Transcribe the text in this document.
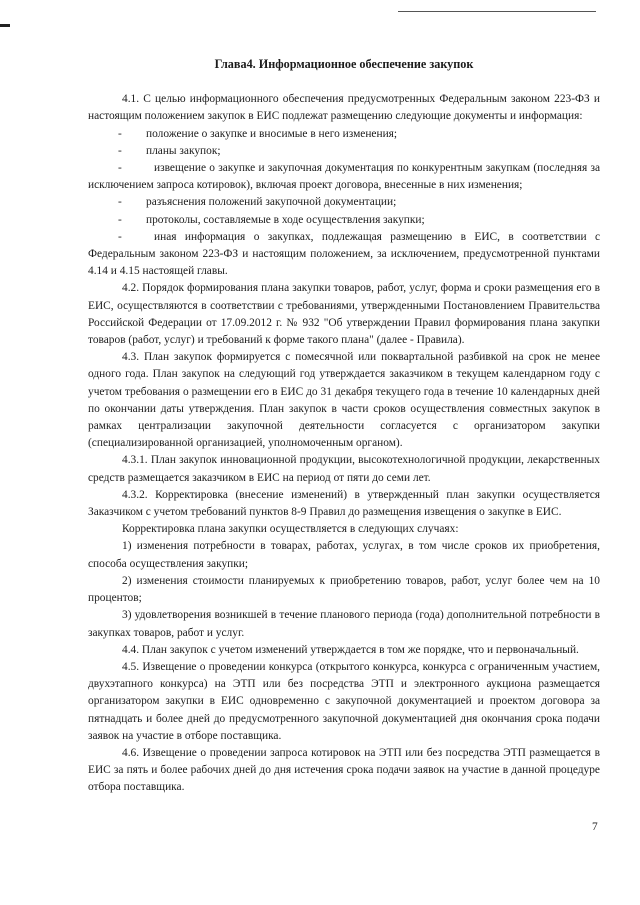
Глава4. Информационное обеспечение закупок

4.1. С целью информационного обеспечения предусмотренных Федеральным законом 223-ФЗ и настоящим положением закупок в ЕИС подлежат размещению следующие документы и информация:

-	положение о закупке и вносимые в него изменения;
-	планы закупок;
-	извещение о закупке и закупочная документация по конкурентным закупкам (последняя за исключением запроса котировок), включая проект договора, внесенные в них изменения;
-	разъяснения положений закупочной документации;
-	протоколы, составляемые в ходе осуществления закупки;
-	иная информация о закупках, подлежащая размещению в ЕИС, в соответствии с Федеральным законом 223-ФЗ и настоящим положением, за исключением, предусмотренной пунктами 4.14 и 4.15 настоящей главы.

4.2. Порядок формирования плана закупки товаров, работ, услуг, форма и сроки размещения его в ЕИС, осуществляются в соответствии с требованиями, утвержденными Постановлением Правительства Российской Федерации от 17.09.2012 г. № 932 "Об утверждении Правил формирования плана закупки товаров (работ, услуг) и требований к форме такого плана" (далее - Правила).

4.3. План закупок формируется с помесячной или поквартальной разбивкой на срок не менее одного года. План закупок на следующий год утверждается заказчиком в текущем календарном году с учетом требования о размещении его в ЕИС до 31 декабря текущего года в течение 10 календарных дней по окончании даты утверждения. План закупок в части сроков осуществления совместных закупок в рамках централизации закупочной деятельности согласуется с организатором закупки (специализированной организацией, уполномоченным органом).

4.3.1. План закупок инновационной продукции, высокотехнологичной продукции, лекарственных средств размещается заказчиком в ЕИС на период от пяти до семи лет.

4.3.2. Корректировка (внесение изменений) в утвержденный план закупки осуществляется Заказчиком с учетом требований пунктов 8-9 Правил до размещения извещения о закупке в ЕИС.

Корректировка плана закупки осуществляется в следующих случаях:

1) изменения потребности в товарах, работах, услугах, в том числе сроков их приобретения, способа осуществления закупки;

2) изменения стоимости планируемых к приобретению товаров, работ, услуг более чем на 10 процентов;

3) удовлетворения возникшей в течение планового периода (года) дополнительной потребности в закупках товаров, работ и услуг.

4.4. План закупок с учетом изменений утверждается в том же порядке, что и первоначальный.

4.5. Извещение о проведении конкурса (открытого конкурса, конкурса с ограниченным участием, двухэтапного конкурса) на ЭТП или без посредства ЭТП и электронного аукциона размещается организатором закупки в ЕИС одновременно с закупочной документацией и проектом договора за пятнадцать и более дней до предусмотренного закупочной документацией дня окончания срока подачи заявок на участие в отборе поставщика.

4.6. Извещение о проведении запроса котировок на ЭТП или без посредства ЭТП размещается в ЕИС за пять и более рабочих дней до дня истечения срока подачи заявок на участие в данной процедуре отбора поставщика.

7
